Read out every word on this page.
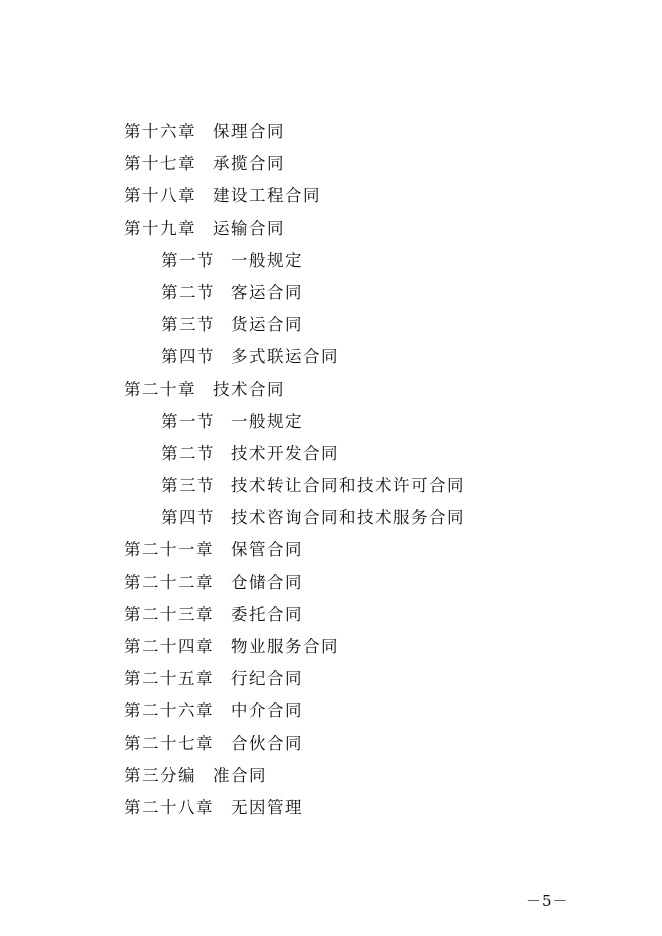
第十六章 保理合同
第十七章 承揽合同
第十八章 建设工程合同
第十九章 运输合同
第一节 一般规定
第二节 客运合同
第三节 货运合同
第四节 多式联运合同
第二十章 技术合同
第一节 一般规定
第二节 技术开发合同
第三节 技术转让合同和技术许可合同
第四节 技术咨询合同和技术服务合同
第二十一章 保管合同
第二十二章 仓储合同
第二十三章 委托合同
第二十四章 物业服务合同
第二十五章 行纪合同
第二十六章 中介合同
第二十七章 合伙合同
第三分编 准合同
第二十八章 无因管理
－5－
